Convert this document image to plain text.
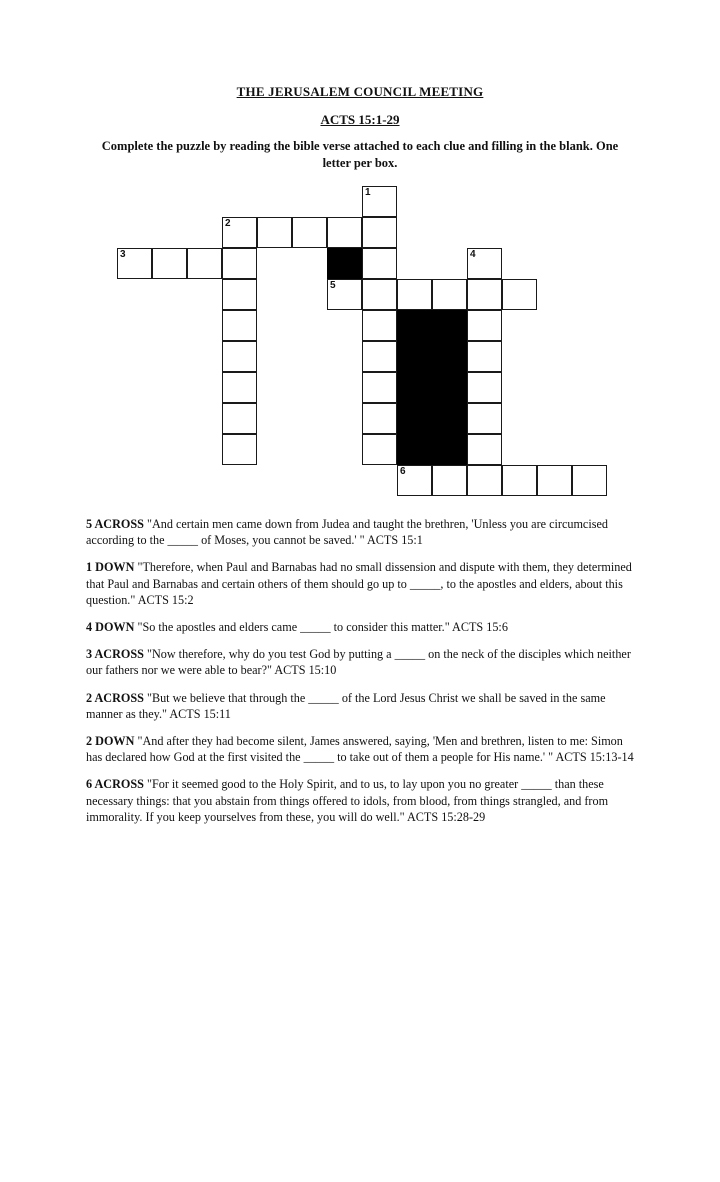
THE JERUSALEM COUNCIL MEETING
ACTS 15:1-29
Complete the puzzle by reading the bible verse attached to each clue and filling in the blank. One letter per box.
1
2
3	4
5
6

5 ACROSS "And certain men came down from Judea and taught the brethren, 'Unless you are circumcised according to the _____ of Moses, you cannot be saved.' " ACTS 15:1

1 DOWN "Therefore, when Paul and Barnabas had no small dissension and dispute with them, they determined that Paul and Barnabas and certain others of them should go up to _____, to the apostles and elders, about this question." ACTS 15:2

4 DOWN "So the apostles and elders came _____ to consider this matter." ACTS 15:6

3 ACROSS "Now therefore, why do you test God by putting a _____ on the neck of the disciples which neither our fathers nor we were able to bear?" ACTS 15:10

2 ACROSS "But we believe that through the _____ of the Lord Jesus Christ we shall be saved in the same manner as they." ACTS 15:11

2 DOWN "And after they had become silent, James answered, saying, 'Men and brethren, listen to me: Simon has declared how God at the first visited the _____ to take out of them a people for His name.' " ACTS 15:13-14

6 ACROSS "For it seemed good to the Holy Spirit, and to us, to lay upon you no greater _____ than these necessary things: that you abstain from things offered to idols, from blood, from things strangled, and from immorality. If you keep yourselves from these, you will do well." ACTS 15:28-29
